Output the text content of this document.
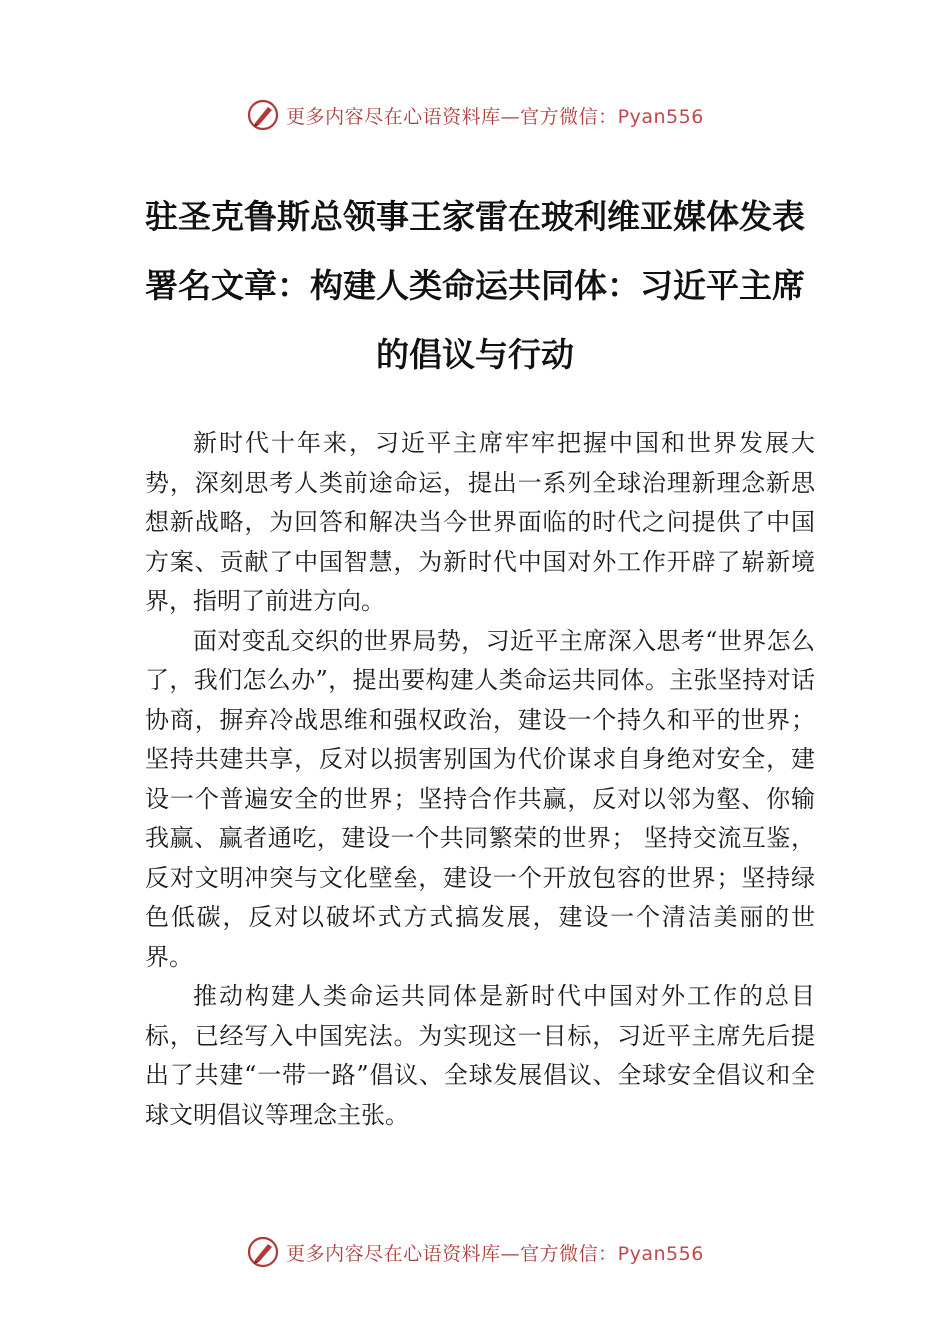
更多内容尽在心语资料库—官方微信：Pyan556
驻圣克鲁斯总领事王家雷在玻利维亚媒体发表署名文章：构建人类命运共同体：习近平主席的倡议与行动

新时代十年来，习近平主席牢牢把握中国和世界发展大势，深刻思考人类前途命运，提出一系列全球治理新理念新思想新战略，为回答和解决当今世界面临的时代之问提供了中国方案、贡献了中国智慧，为新时代中国对外工作开辟了崭新境界，指明了前进方向。

面对变乱交织的世界局势，习近平主席深入思考“世界怎么了，我们怎么办”，提出要构建人类命运共同体。主张坚持对话协商，摒弃冷战思维和强权政治，建设一个持久和平的世界；坚持共建共享，反对以损害别国为代价谋求自身绝对安全，建设一个普遍安全的世界；坚持合作共赢，反对以邻为壑、你输我赢、赢者通吃，建设一个共同繁荣的世界； 坚持交流互鉴，反对文明冲突与文化壁垒，建设一个开放包容的世界；坚持绿色低碳，反对以破坏式方式搞发展，建设一个清洁美丽的世界。

推动构建人类命运共同体是新时代中国对外工作的总目标，已经写入中国宪法。为实现这一目标，习近平主席先后提出了共建“一带一路”倡议、全球发展倡议、全球安全倡议和全球文明倡议等理念主张。

更多内容尽在心语资料库—官方微信：Pyan556
